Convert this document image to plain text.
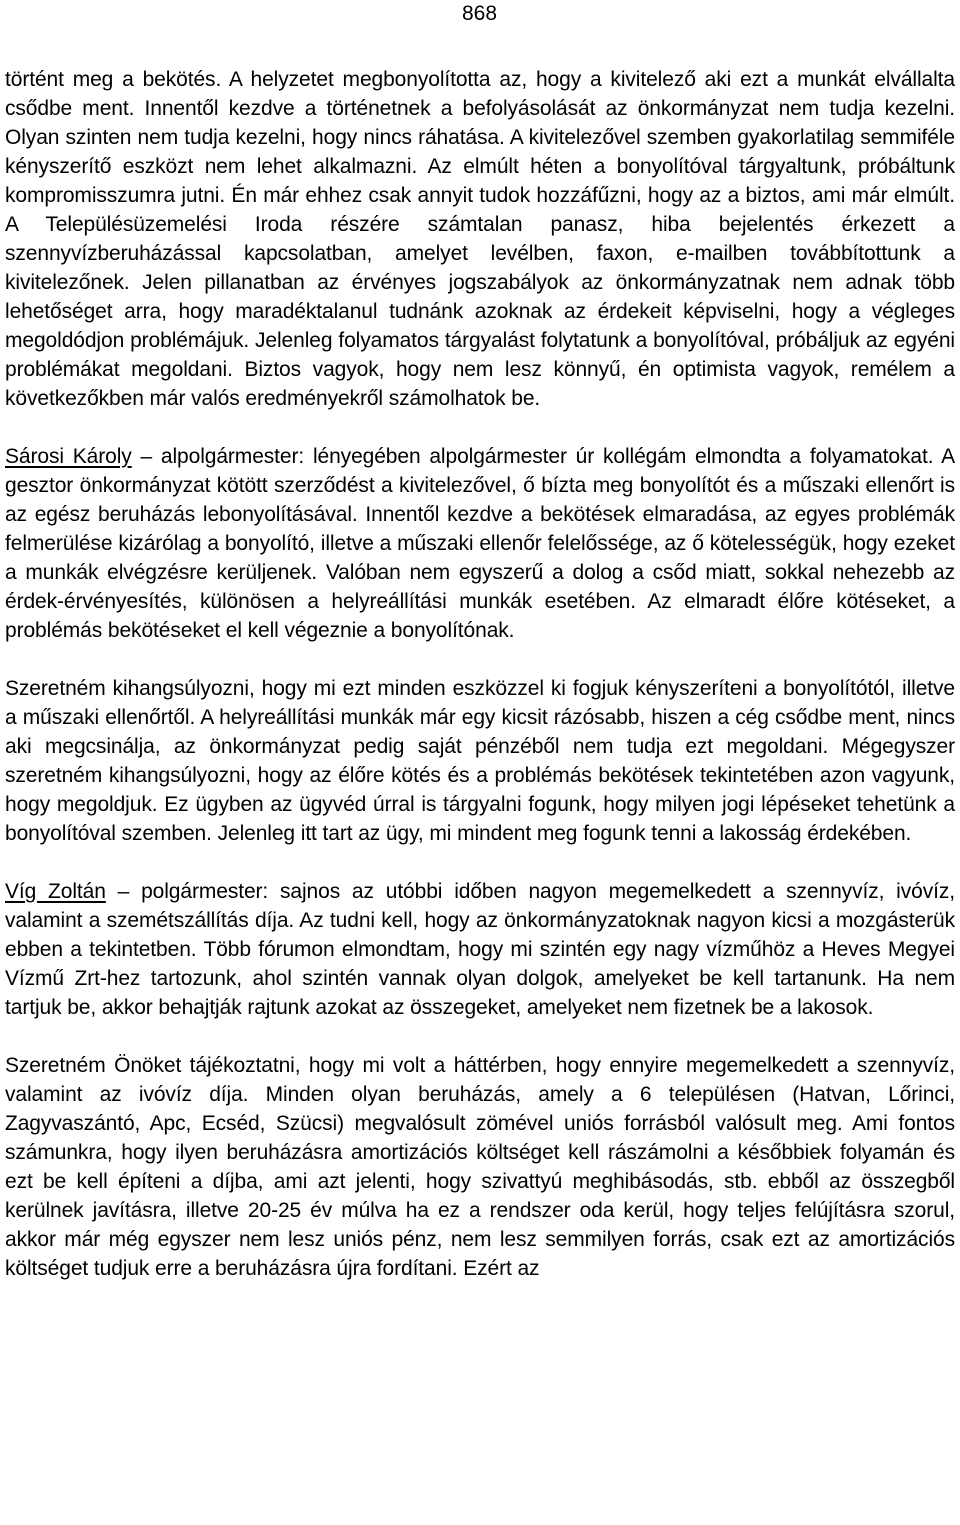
868

történt meg a bekötés. A helyzetet megbonyolította az, hogy a kivitelező aki ezt a munkát elvállalta csődbe ment. Innentől kezdve a történetnek a befolyásolását az önkormányzat nem tudja kezelni. Olyan szinten nem tudja kezelni, hogy nincs ráhatása. A kivitelezővel szemben gyakorlatilag semmiféle kényszerítő eszközt nem lehet alkalmazni. Az elmúlt héten a bonyolítóval tárgyaltunk, próbáltunk kompromisszumra jutni. Én már ehhez csak annyit tudok hozzáfűzni, hogy az a biztos, ami már elmúlt. A Településüzemelési Iroda részére számtalan panasz, hiba bejelentés érkezett a szennyvízberuházással kapcsolatban, amelyet levélben, faxon, e-mailben továbbítottunk a kivitelezőnek. Jelen pillanatban az érvényes jogszabályok az önkormányzatnak nem adnak több lehetőséget arra, hogy maradéktalanul tudnánk azoknak az érdekeit képviselni, hogy a végleges megoldódjon problémájuk. Jelenleg folyamatos tárgyalást folytatunk a bonyolítóval, próbáljuk az egyéni problémákat megoldani. Biztos vagyok, hogy nem lesz könnyű, én optimista vagyok, remélem a következőkben már valós eredményekről számolhatok be.

Sárosi Károly – alpolgármester: lényegében alpolgármester úr kollégám elmondta a folyamatokat. A gesztor önkormányzat kötött szerződést a kivitelezővel, ő bízta meg bonyolítót és a műszaki ellenőrt is az egész beruházás lebonyolításával. Innentől kezdve a bekötések elmaradása, az egyes problémák felmerülése kizárólag a bonyolító, illetve a műszaki ellenőr felelőssége, az ő kötelességük, hogy ezeket a munkák elvégzésre kerüljenek. Valóban nem egyszerű a dolog a csőd miatt, sokkal nehezebb az érdek-érvényesítés, különösen a helyreállítási munkák esetében. Az elmaradt élőre kötéseket, a problémás bekötéseket el kell végeznie a bonyolítónak.

Szeretném kihangsúlyozni, hogy mi ezt minden eszközzel ki fogjuk kényszeríteni a bonyolítótól, illetve a műszaki ellenőrtől. A helyreállítási munkák már egy kicsit rázósabb, hiszen a cég csődbe ment, nincs aki megcsinálja, az önkormányzat pedig saját pénzéből nem tudja ezt megoldani. Mégegyszer szeretném kihangsúlyozni, hogy az élőre kötés és a problémás bekötések tekintetében azon vagyunk, hogy megoldjuk. Ez ügyben az ügyvéd úrral is tárgyalni fogunk, hogy milyen jogi lépéseket tehetünk a bonyolítóval szemben. Jelenleg itt tart az ügy, mi mindent meg fogunk tenni a lakosság érdekében.

Víg Zoltán – polgármester: sajnos az utóbbi időben nagyon megemelkedett a szennyvíz, ivóvíz, valamint a szemétszállítás díja. Az tudni kell, hogy az önkormányzatoknak nagyon kicsi a mozgásterük ebben a tekintetben. Több fórumon elmondtam, hogy mi szintén egy nagy vízműhöz a Heves Megyei Vízmű Zrt-hez tartozunk, ahol szintén vannak olyan dolgok, amelyeket be kell tartanunk. Ha nem tartjuk be, akkor behajtják rajtunk azokat az összegeket, amelyeket nem fizetnek be a lakosok.

Szeretném Önöket tájékoztatni, hogy mi volt a háttérben, hogy ennyire megemelkedett a szennyvíz, valamint az ivóvíz díja. Minden olyan beruházás, amely a 6 településen (Hatvan, Lőrinci, Zagyvaszántó, Apc, Ecséd, Szücsi) megvalósult zömével uniós forrásból valósult meg. Ami fontos számunkra, hogy ilyen beruházásra amortizációs költséget kell rászámolni a későbbiek folyamán és ezt be kell építeni a díjba, ami azt jelenti, hogy szivattyú meghibásodás, stb. ebből az összegből kerülnek javításra, illetve 20-25 év múlva ha ez a rendszer oda kerül, hogy teljes felújításra szorul, akkor már még egyszer nem lesz uniós pénz, nem lesz semmilyen forrás, csak ezt az amortizációs költséget tudjuk erre a beruházásra újra fordítani. Ezért az
